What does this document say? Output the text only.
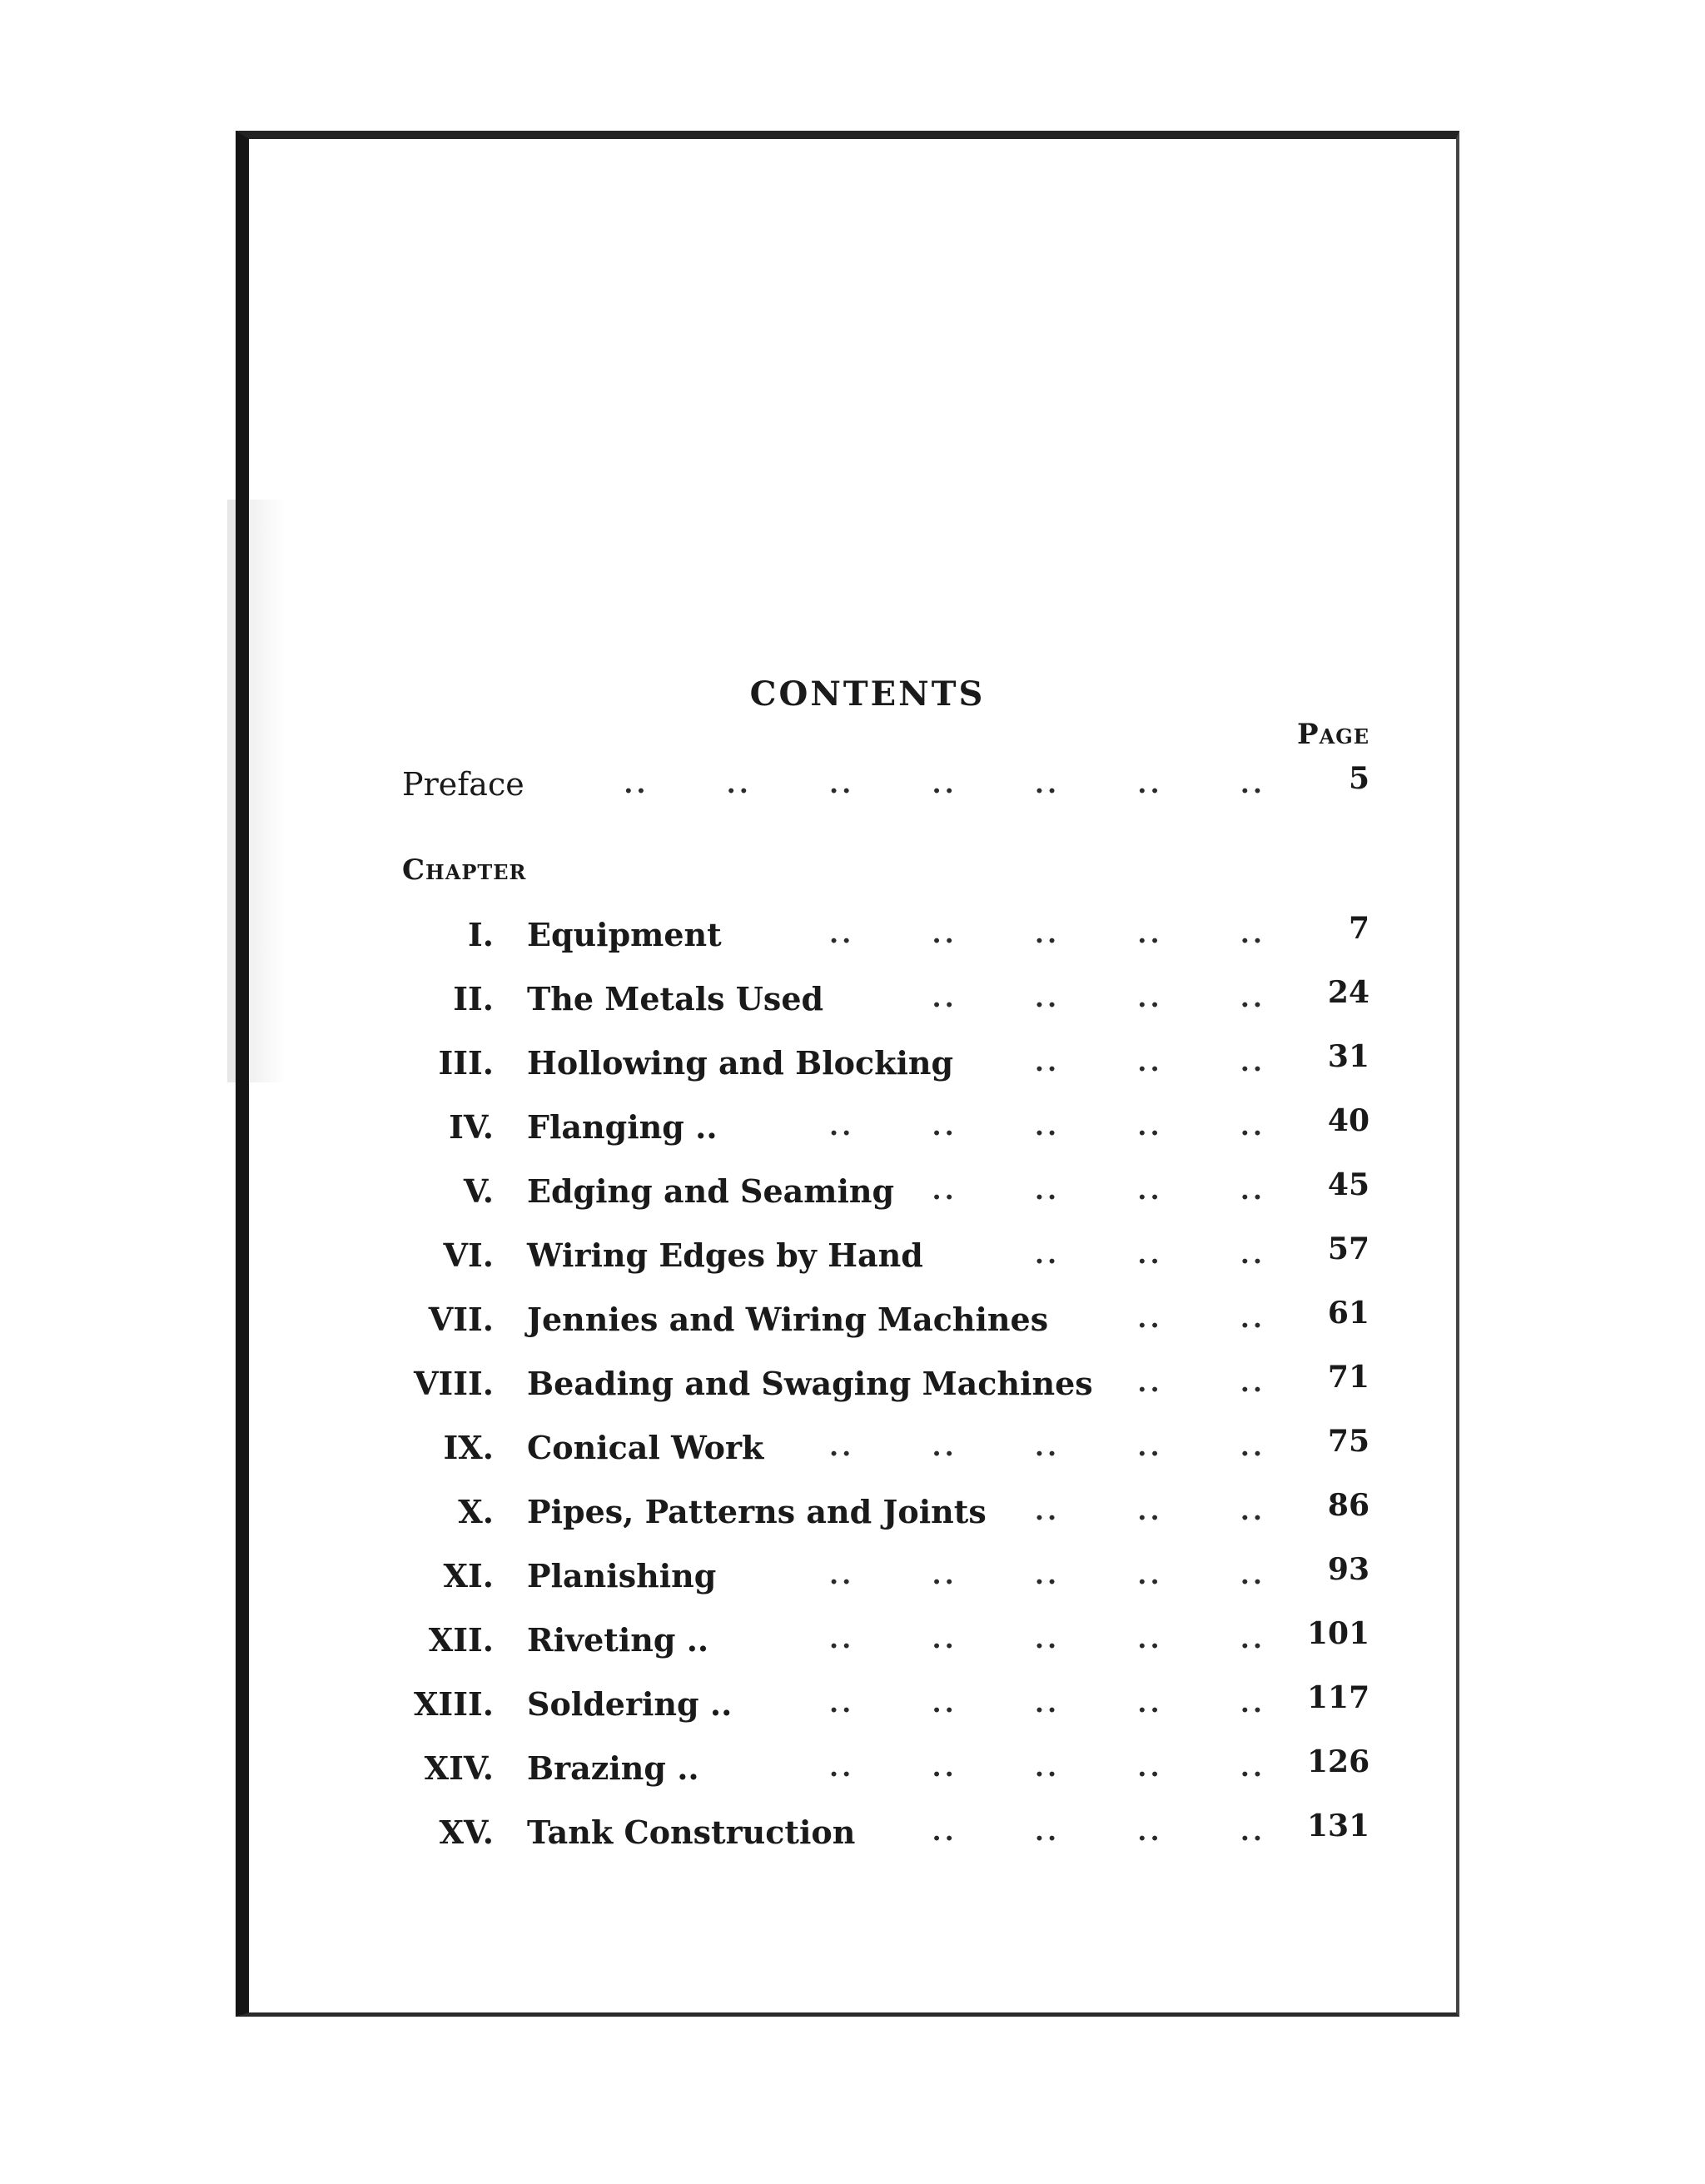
CONTENTS
Page
Preface	.. .. .. .. .. .. ..	5
Chapter
I. Equipment	.. .. .. .. ..	7
II. The Metals Used	.. .. .. ..	24
III. Hollowing and Blocking	.. .. ..	31
IV. Flanging ..	.. .. .. .. ..	40
V. Edging and Seaming .. .. .. ..	45
VI. Wiring Edges by Hand	.. .. ..	57
VII. Jennies and Wiring Machines	.. ..	61
VIII. Beading and Swaging Machines .. ..	71
IX. Conical Work .. .. .. .. ..	75
X. Pipes, Patterns and Joints .. .. ..	86
XI. Planishing	.. .. .. .. ..	93
XII. Riveting ..	.. .. .. .. .. 101
XIII. Soldering ..	.. .. .. .. .. 117
XIV. Brazing ..	.. .. .. .. .. 126
XV. Tank Construction	.. .. .. .. 131
